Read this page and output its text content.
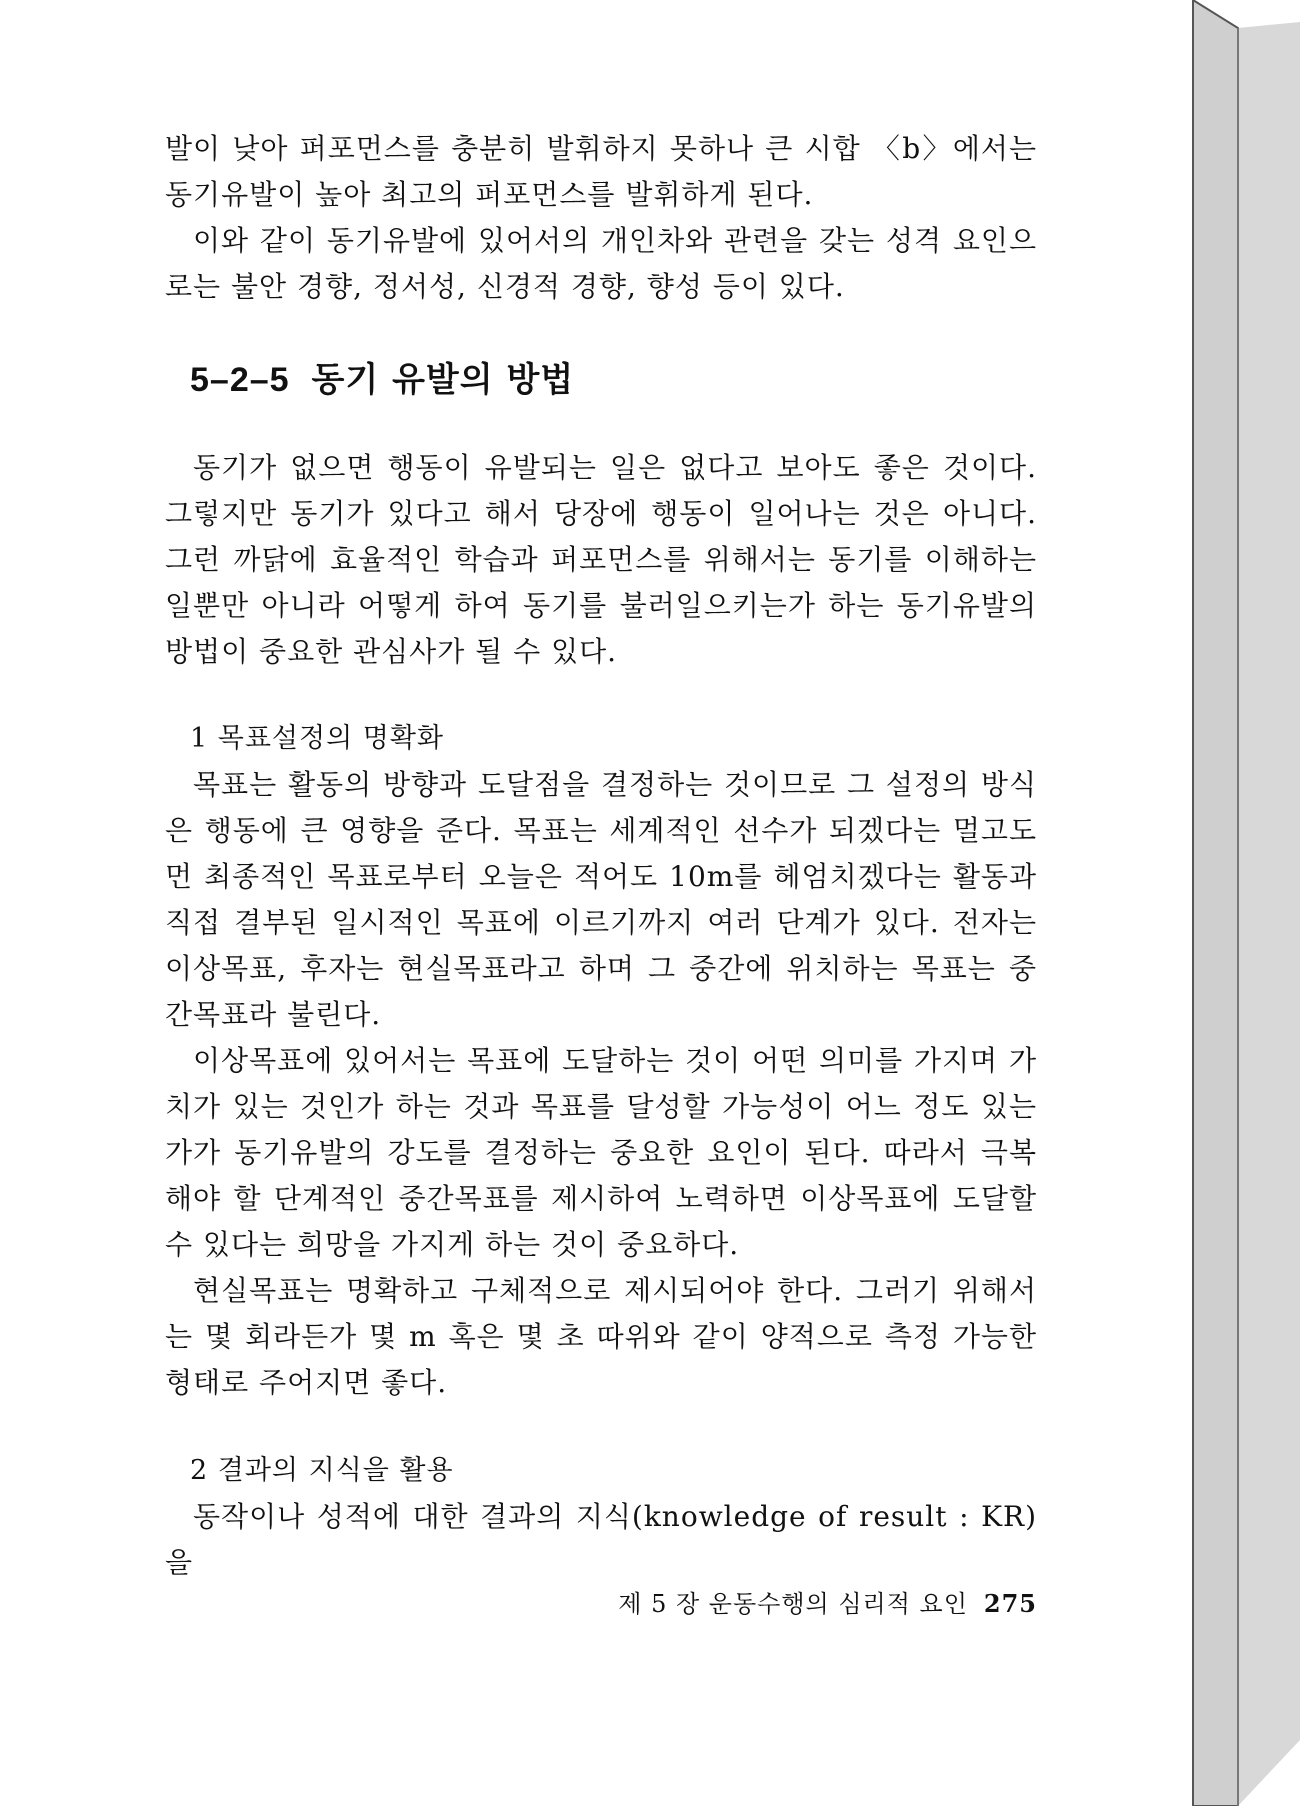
발이 낮아 퍼포먼스를 충분히 발휘하지 못하나 큰 시합 〈b〉에서는 동기유발이 높아 최고의 퍼포먼스를 발휘하게 된다.

이와 같이 동기유발에 있어서의 개인차와 관련을 갖는 성격 요인으로는 불안 경향, 정서성, 신경적 경향, 향성 등이 있다.

5–2–5 동기 유발의 방법

동기가 없으면 행동이 유발되는 일은 없다고 보아도 좋은 것이다. 그렇지만 동기가 있다고 해서 당장에 행동이 일어나는 것은 아니다. 그런 까닭에 효율적인 학습과 퍼포먼스를 위해서는 동기를 이해하는 일뿐만 아니라 어떻게 하여 동기를 불러일으키는가 하는 동기유발의 방법이 중요한 관심사가 될 수 있다.

1 목표설정의 명확화

목표는 활동의 방향과 도달점을 결정하는 것이므로 그 설정의 방식은 행동에 큰 영향을 준다. 목표는 세계적인 선수가 되겠다는 멀고도 먼 최종적인 목표로부터 오늘은 적어도 10m를 헤엄치겠다는 활동과 직접 결부된 일시적인 목표에 이르기까지 여러 단계가 있다. 전자는 이상목표, 후자는 현실목표라고 하며 그 중간에 위치하는 목표는 중간목표라 불린다.

이상목표에 있어서는 목표에 도달하는 것이 어떤 의미를 가지며 가치가 있는 것인가 하는 것과 목표를 달성할 가능성이 어느 정도 있는가가 동기유발의 강도를 결정하는 중요한 요인이 된다. 따라서 극복해야 할 단계적인 중간목표를 제시하여 노력하면 이상목표에 도달할 수 있다는 희망을 가지게 하는 것이 중요하다.

현실목표는 명확하고 구체적으로 제시되어야 한다. 그러기 위해서는 몇 회라든가 몇 m 혹은 몇 초 따위와 같이 양적으로 측정 가능한 형태로 주어지면 좋다.

2 결과의 지식을 활용

동작이나 성적에 대한 결과의 지식(knowledge of result : KR)을

제 5 장 운동수행의 심리적 요인 275
